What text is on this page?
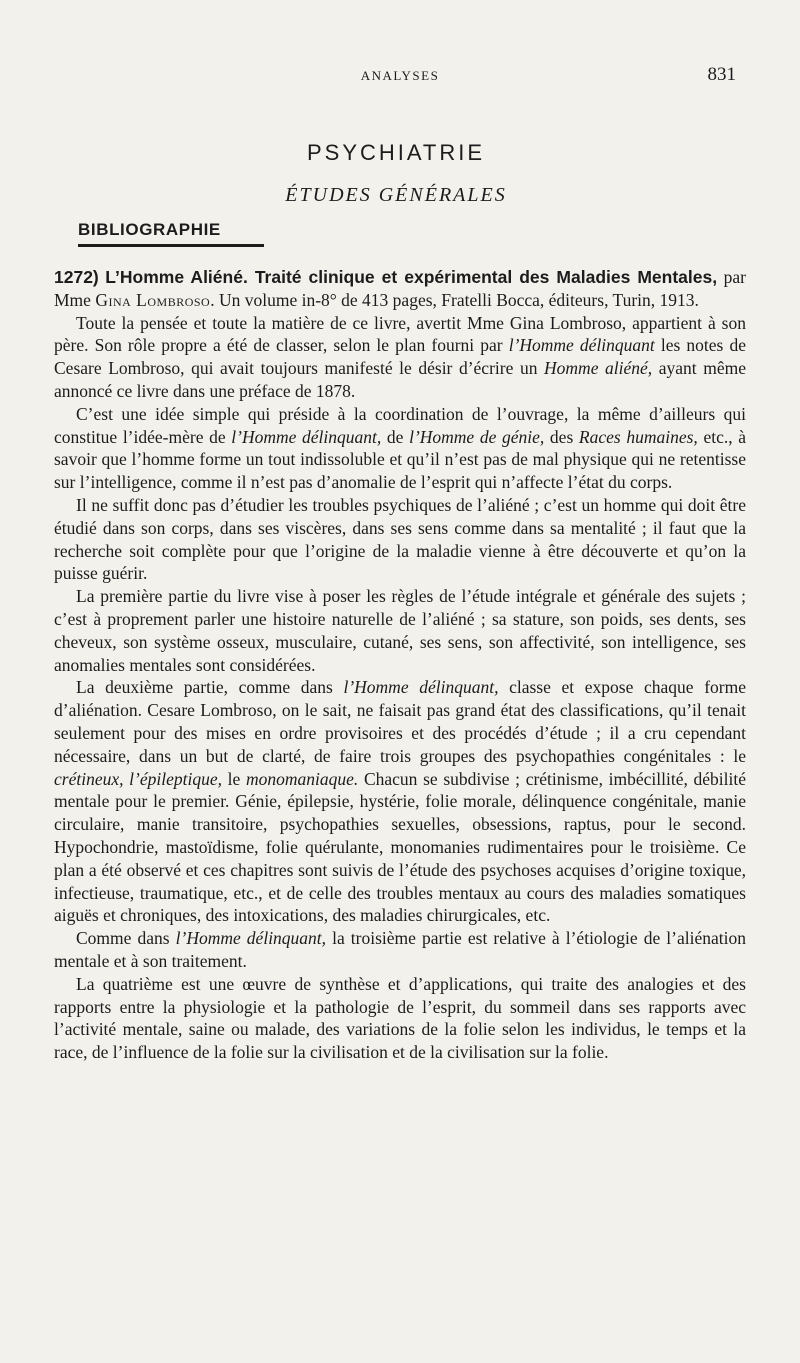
ANALYSES	831
PSYCHIATRIE
ÉTUDES GÉNÉRALES
BIBLIOGRAPHIE

1272) L’Homme Aliéné. Traité clinique et expérimental des Maladies Mentales, par Mme Gina Lombroso. Un volume in-8° de 413 pages, Fratelli Bocca, éditeurs, Turin, 1913.

Toute la pensée et toute la matière de ce livre, avertit Mme Gina Lombroso, appartient à son père. Son rôle propre a été de classer, selon le plan fourni par l’Homme délinquant les notes de Cesare Lombroso, qui avait toujours manifesté le désir d’écrire un Homme aliéné, ayant même annoncé ce livre dans une préface de 1878.

C’est une idée simple qui préside à la coordination de l’ouvrage, la même d’ailleurs qui constitue l’idée-mère de l’Homme délinquant, de l’Homme de génie, des Races humaines, etc., à savoir que l’homme forme un tout indissoluble et qu’il n’est pas de mal physique qui ne retentisse sur l’intelligence, comme il n’est pas d’anomalie de l’esprit qui n’affecte l’état du corps.

Il ne suffit donc pas d’étudier les troubles psychiques de l’aliéné ; c’est un homme qui doit être étudié dans son corps, dans ses viscères, dans ses sens comme dans sa mentalité ; il faut que la recherche soit complète pour que l’origine de la maladie vienne à être découverte et qu’on la puisse guérir.

La première partie du livre vise à poser les règles de l’étude intégrale et générale des sujets ; c’est à proprement parler une histoire naturelle de l’aliéné ; sa stature, son poids, ses dents, ses cheveux, son système osseux, musculaire, cutané, ses sens, son affectivité, son intelligence, ses anomalies mentales sont considérées.

La deuxième partie, comme dans l’Homme délinquant, classe et expose chaque forme d’aliénation. Cesare Lombroso, on le sait, ne faisait pas grand état des classifications, qu’il tenait seulement pour des mises en ordre provisoires et des procédés d’étude ; il a cru cependant nécessaire, dans un but de clarté, de faire trois groupes des psychopathies congénitales : le crétineux, l’épileptique, le monomaniaque. Chacun se subdivise ; crétinisme, imbécillité, débilité mentale pour le premier. Génie, épilepsie, hystérie, folie morale, délinquence congénitale, manie circulaire, manie transitoire, psychopathies sexuelles, obsessions, raptus, pour le second. Hypochondrie, mastoïdisme, folie quérulante, monomanies rudimentaires pour le troisième. Ce plan a été observé et ces chapitres sont suivis de l’étude des psychoses acquises d’origine toxique, infectieuse, traumatique, etc., et de celle des troubles mentaux au cours des maladies somatiques aiguës et chroniques, des intoxications, des maladies chirurgicales, etc.

Comme dans l’Homme délinquant, la troisième partie est relative à l’étiologie de l’aliénation mentale et à son traitement.

La quatrième est une œuvre de synthèse et d’applications, qui traite des analogies et des rapports entre la physiologie et la pathologie de l’esprit, du sommeil dans ses rapports avec l’activité mentale, saine ou malade, des variations de la folie selon les individus, le temps et la race, de l’influence de la folie sur la civilisation et de la civilisation sur la folie.
